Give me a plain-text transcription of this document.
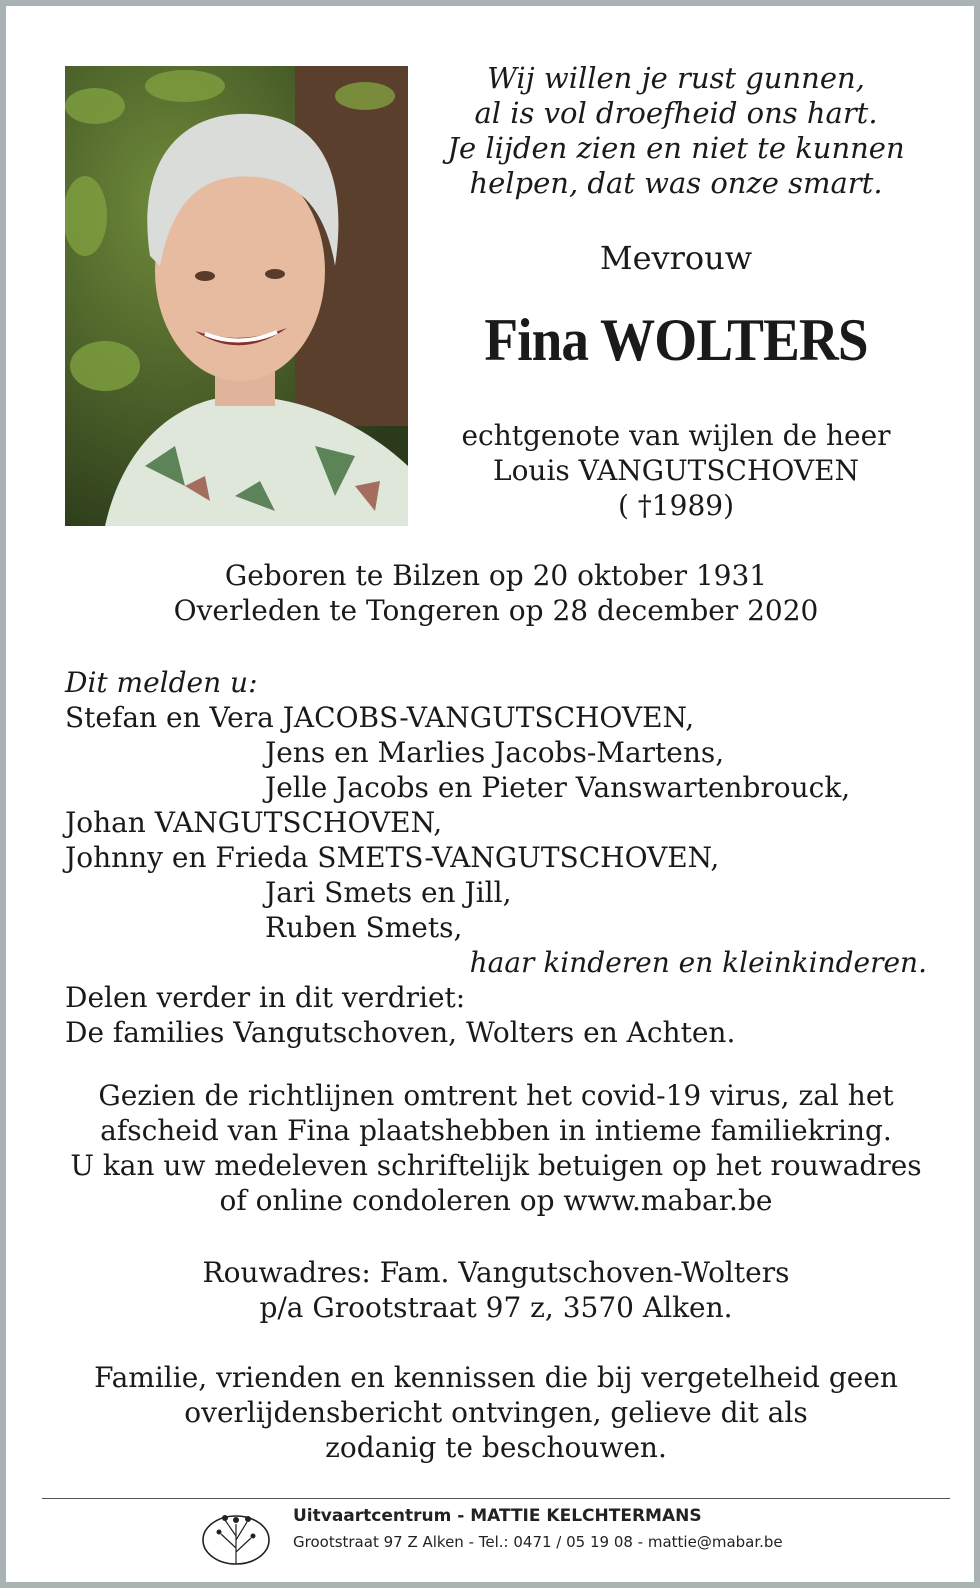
Wij willen je rust gunnen,
al is vol droefheid ons hart.
Je lijden zien en niet te kunnen
helpen, dat was onze smart.
Mevrouw
Fina WOLTERS
echtgenote van wijlen de heer
Louis VANGUTSCHOVEN
( †1989)
Geboren te Bilzen op 20 oktober 1931
Overleden te Tongeren op 28 december 2020
Dit melden u:
Stefan en Vera JACOBS-VANGUTSCHOVEN,
Jens en Marlies Jacobs-Martens,
Jelle Jacobs en Pieter Vanswartenbrouck,
Johan VANGUTSCHOVEN,
Johnny en Frieda SMETS-VANGUTSCHOVEN,
Jari Smets en Jill,
Ruben Smets,
haar kinderen en kleinkinderen.
Delen verder in dit verdriet:
De families Vangutschoven, Wolters en Achten.
Gezien de richtlijnen omtrent het covid-19 virus, zal het
afscheid van Fina plaatshebben in intieme familiekring.
U kan uw medeleven schriftelijk betuigen op het rouwadres
of online condoleren op www.mabar.be
Rouwadres: Fam. Vangutschoven-Wolters
p/a Grootstraat 97 z, 3570 Alken.
Familie, vrienden en kennissen die bij vergetelheid geen
overlijdensbericht ontvingen, gelieve dit als
zodanig te beschouwen.
Uitvaartcentrum - MATTIE KELCHTERMANS
Grootstraat 97 Z Alken - Tel.: 0471 / 05 19 08 - mattie@mabar.be
